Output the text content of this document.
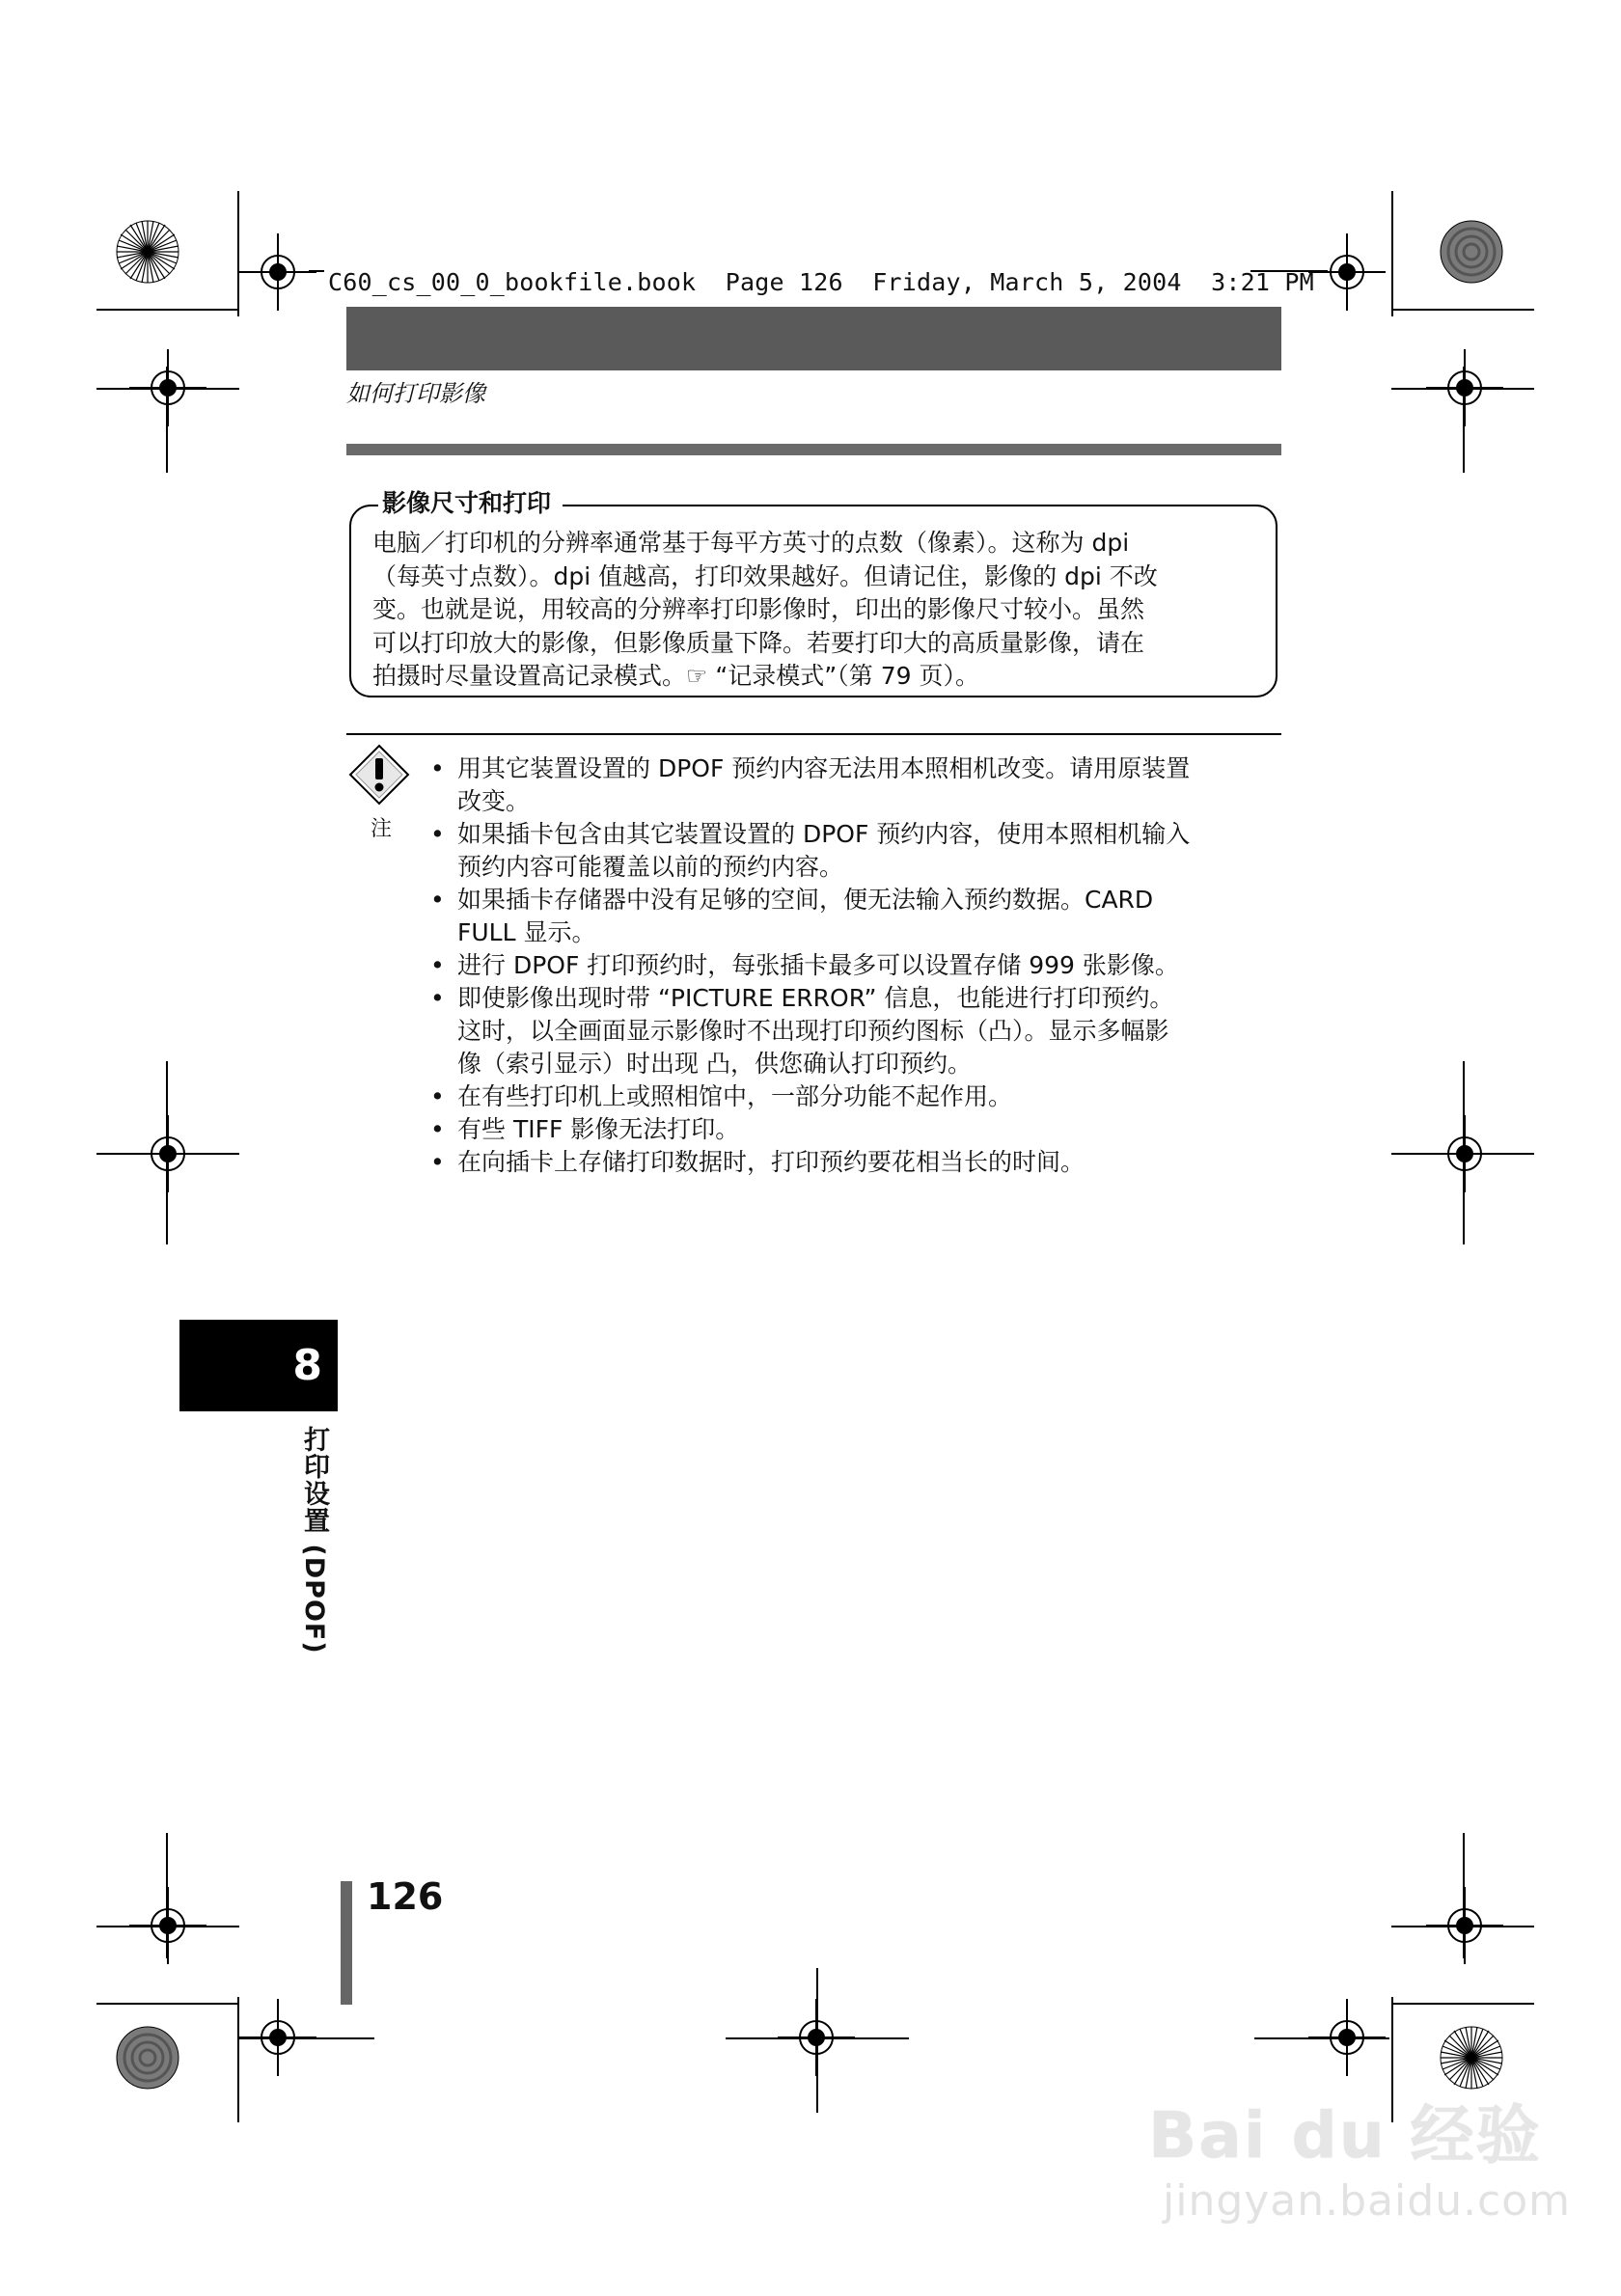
C60_cs_00_0_bookfile.book  Page 126  Friday, March 5, 2004  3:21 PM
如何打印影像
影像尺寸和打印

电脑／打印机的分辨率通常基于每平方英寸的点数（像素）。这称为 dpi

（每英寸点数）。dpi 值越高，打印效果越好。但请记住，影像的 dpi 不改

变。也就是说，用较高的分辨率打印影像时，印出的影像尺寸较小。虽然

可以打印放大的影像，但影像质量下降。若要打印大的高质量影像，请在

拍摄时尽量设置高记录模式。☞ “记录模式”（第 79 页）。

注
• 用其它装置设置的 DPOF 预约内容无法用本照相机改变。请用原装置
改变。
• 如果插卡包含由其它装置设置的 DPOF 预约内容，使用本照相机输入
预约内容可能覆盖以前的预约内容。
• 如果插卡存储器中没有足够的空间，便无法输入预约数据。CARD
FULL 显示。
• 进行 DPOF 打印预约时，每张插卡最多可以设置存储 999 张影像。
• 即使影像出现时带 “PICTURE ERROR” 信息，也能进行打印预约。
这时，以全画面显示影像时不出现打印预约图标（凸）。显示多幅影
像（索引显示）时出现 凸，供您确认打印预约。
• 在有些打印机上或照相馆中，一部分功能不起作用。
• 有些 TIFF 影像无法打印。
• 在向插卡上存储打印数据时，打印预约要花相当长的时间。
8
打印设置 (DPOF)
126
Bai du 经验
jingyan.baidu.com
